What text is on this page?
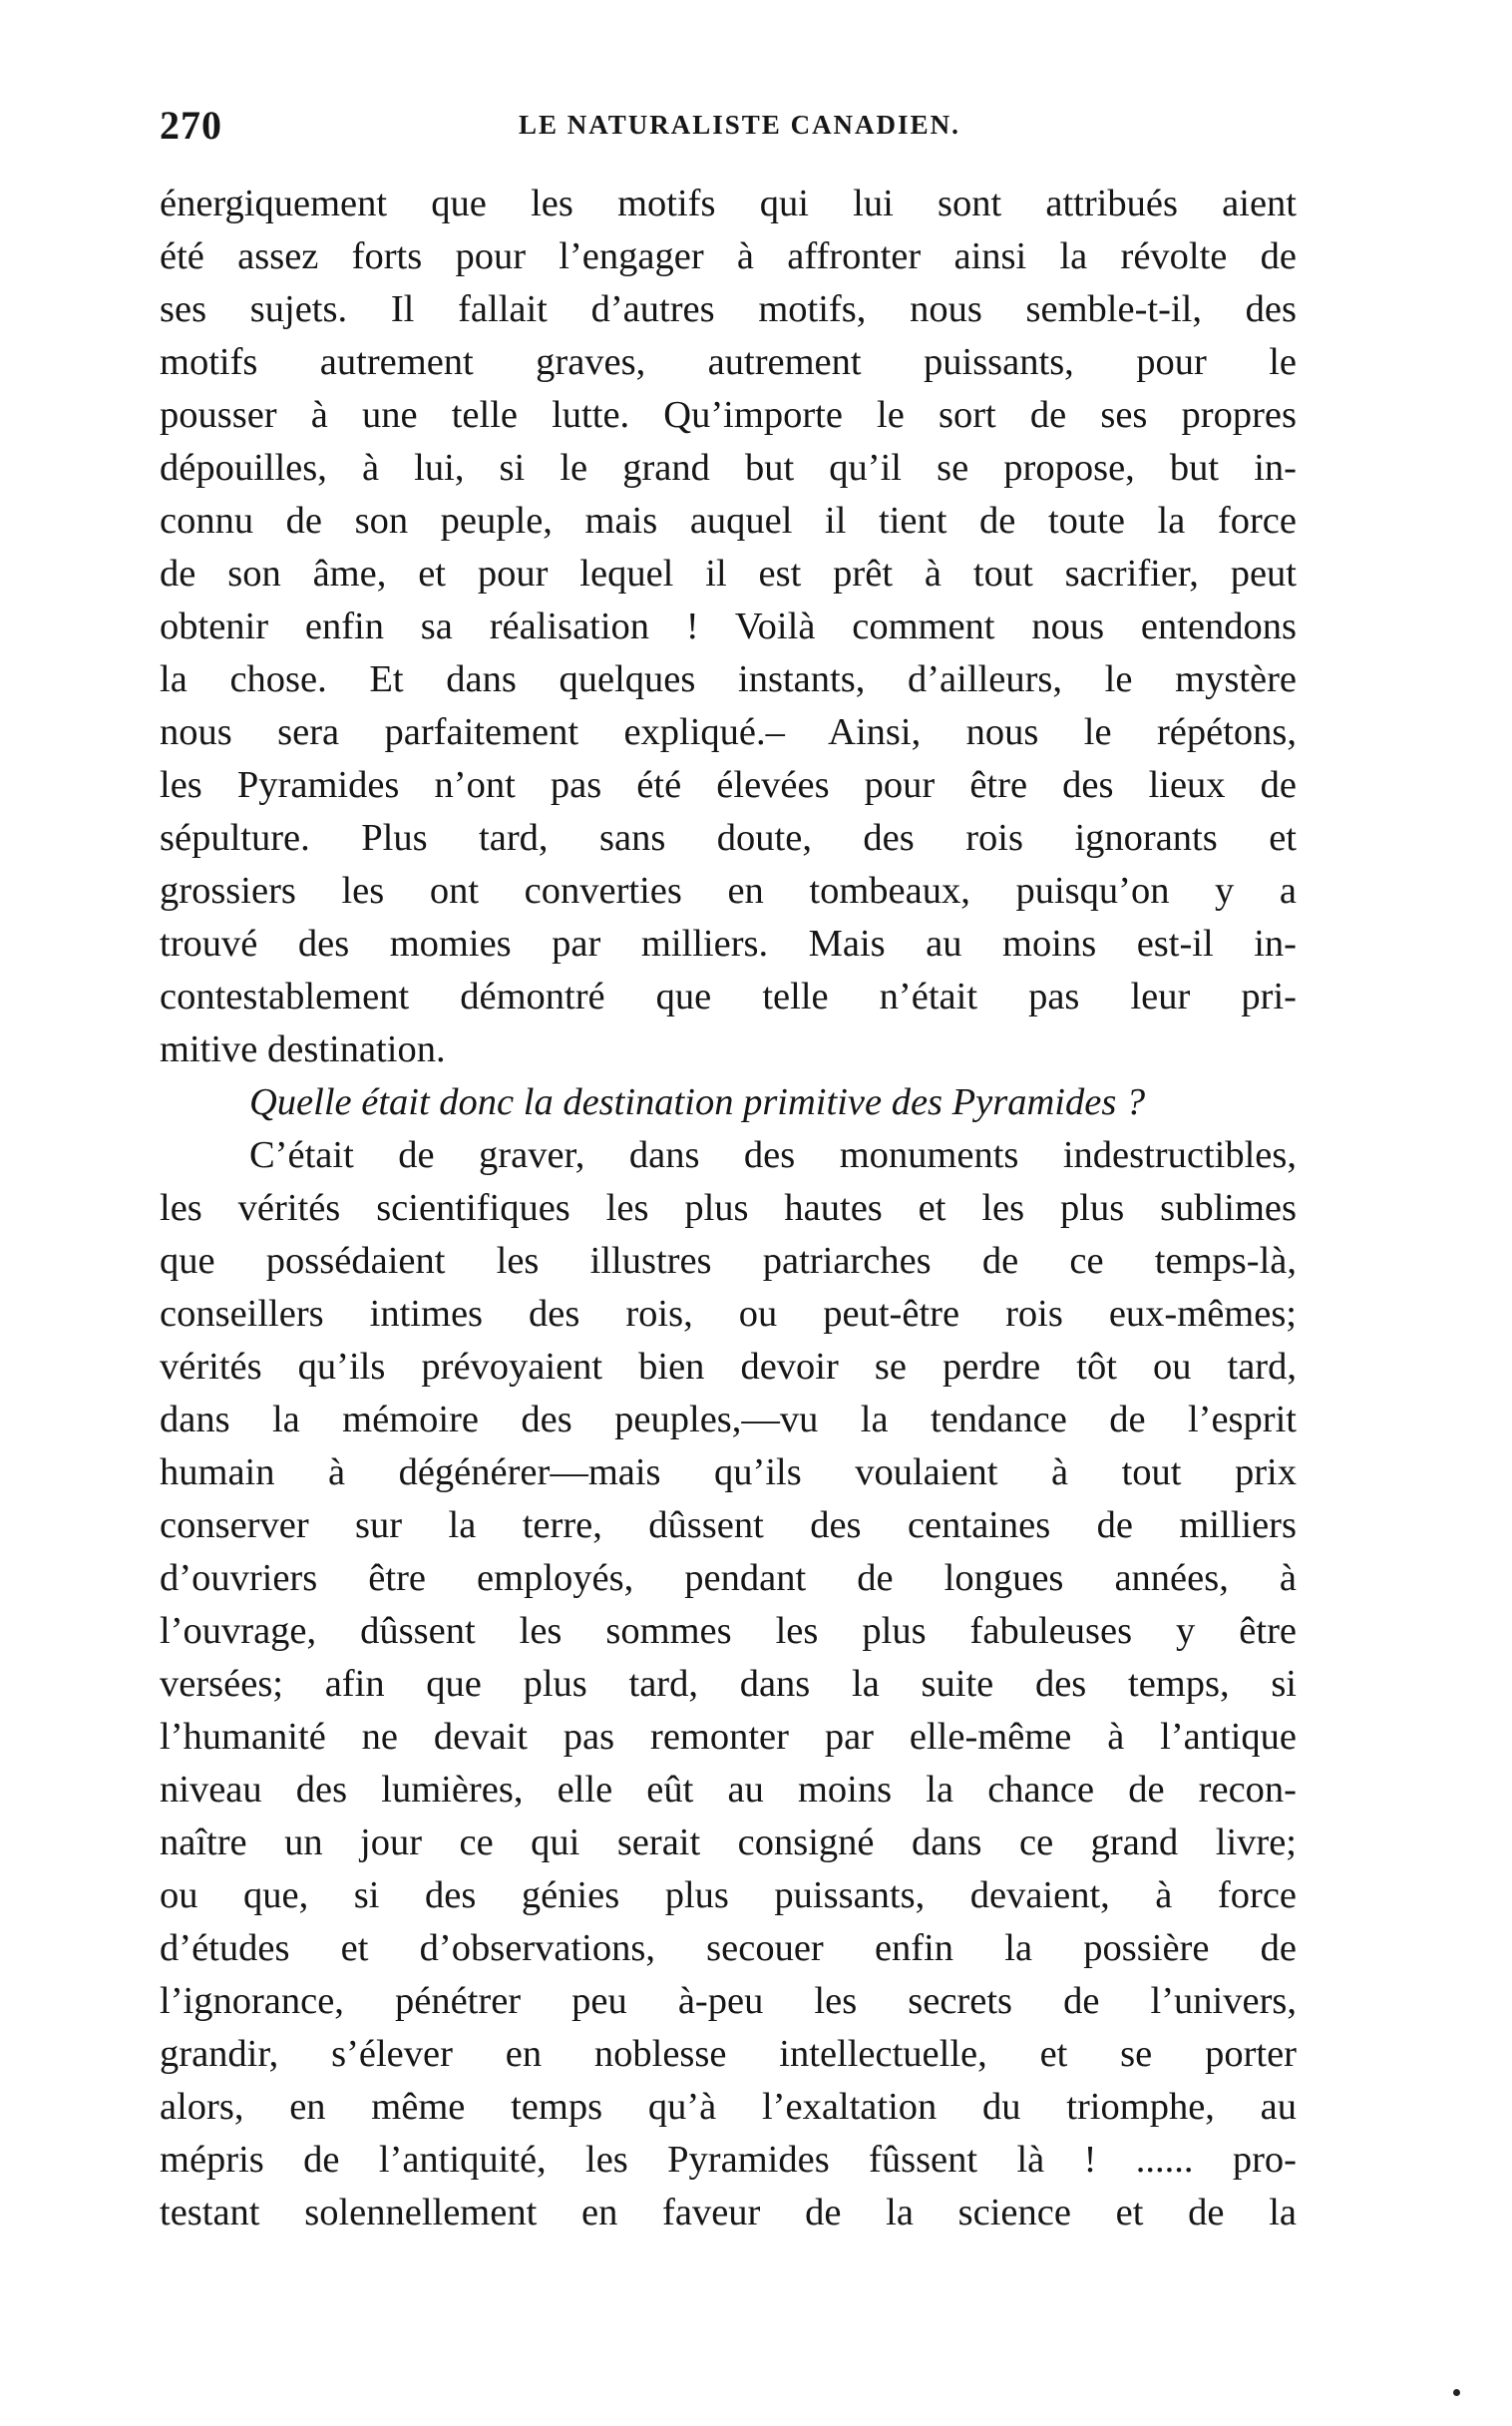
270	LE NATURALISTE CANADIEN.
énergiquement que les motifs qui lui sont attribués aient
été assez forts pour l’engager à affronter ainsi la révolte de
ses sujets. Il fallait d’autres motifs, nous semble-t-il, des
motifs autrement graves, autrement puissants, pour le
pousser à une telle lutte. Qu’importe le sort de ses propres
dépouilles, à lui, si le grand but qu’il se propose, but in-
connu de son peuple, mais auquel il tient de toute la force
de son âme, et pour lequel il est prêt à tout sacrifier, peut
obtenir enfin sa réalisation ! Voilà comment nous entendons
la chose. Et dans quelques instants, d’ailleurs, le mystère
nous sera parfaitement expliqué.– Ainsi, nous le répétons,
les Pyramides n’ont pas été élevées pour être des lieux de
sépulture. Plus tard, sans doute, des rois ignorants et
grossiers les ont converties en tombeaux, puisqu’on y a
trouvé des momies par milliers. Mais au moins est-il in-
contestablement démontré que telle n’était pas leur pri-
mitive destination.
Quelle était donc la destination primitive des Pyramides ?
C’était de graver, dans des monuments indestructibles,
les vérités scientifiques les plus hautes et les plus sublimes
que possédaient les illustres patriarches de ce temps-là,
conseillers intimes des rois, ou peut-être rois eux-mêmes;
vérités qu’ils prévoyaient bien devoir se perdre tôt ou tard,
dans la mémoire des peuples,—vu la tendance de l’esprit
humain à dégénérer—mais qu’ils voulaient à tout prix
conserver sur la terre, dûssent des centaines de milliers
d’ouvriers être employés, pendant de longues années, à
l’ouvrage, dûssent les sommes les plus fabuleuses y être
versées; afin que plus tard, dans la suite des temps, si
l’humanité ne devait pas remonter par elle-même à l’antique
niveau des lumières, elle eût au moins la chance de recon-
naître un jour ce qui serait consigné dans ce grand livre;
ou que, si des génies plus puissants, devaient, à force
d’études et d’observations, secouer enfin la possière de
l’ignorance, pénétrer peu à-peu les secrets de l’univers,
grandir, s’élever en noblesse intellectuelle, et se porter
alors, en même temps qu’à l’exaltation du triomphe, au
mépris de l’antiquité, les Pyramides fûssent là ! ...... pro-
testant solennellement en faveur de la science et de la
